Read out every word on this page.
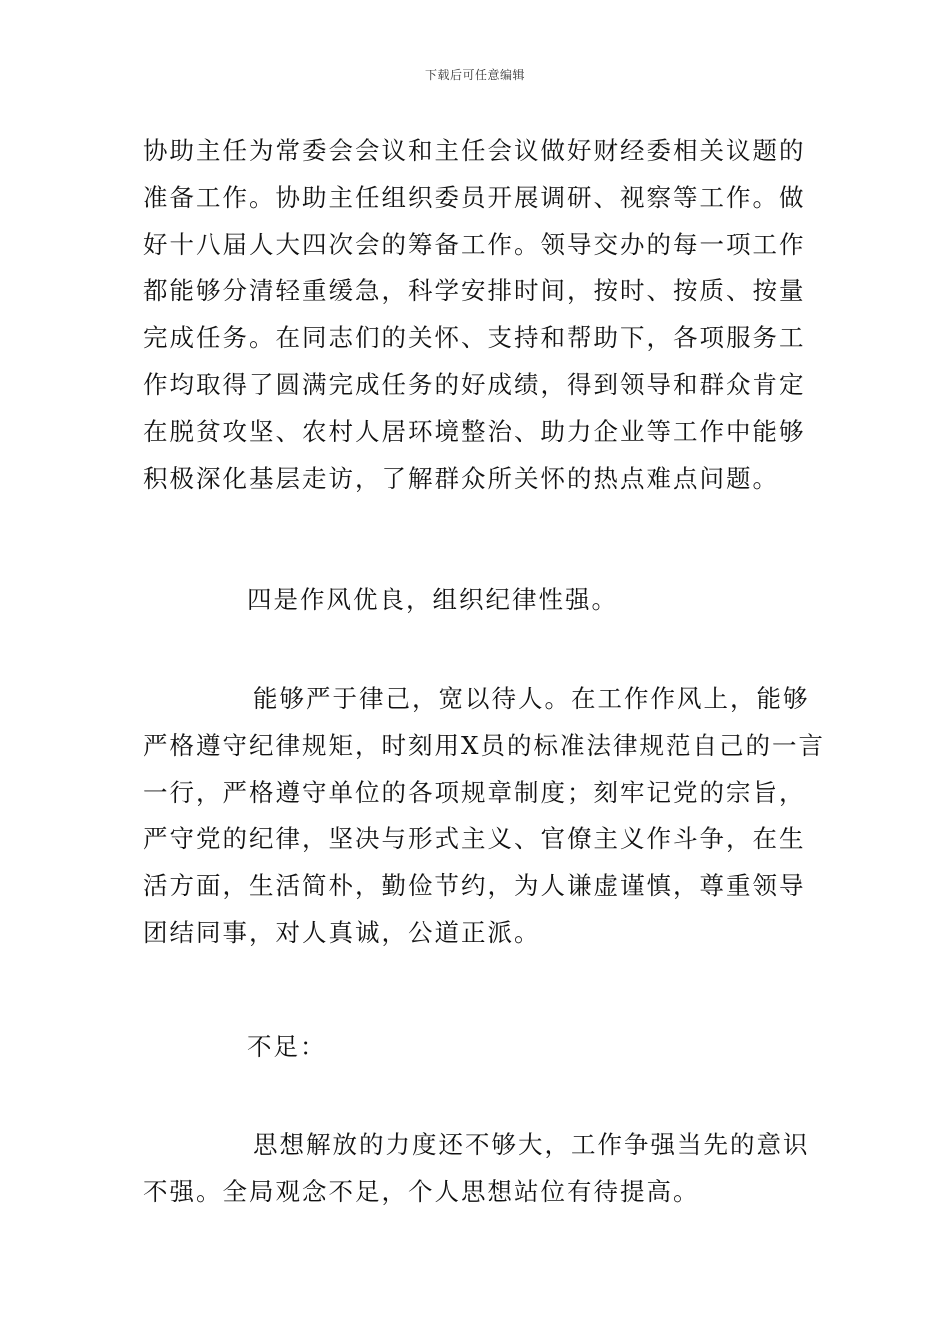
下载后可任意编辑
协助主任为常委会会议和主任会议做好财经委相关议题的
准备工作。协助主任组织委员开展调研、视察等工作。做
好十八届人大四次会的筹备工作。领导交办的每一项工作
都能够分清轻重缓急，科学安排时间，按时、按质、按量
完成任务。在同志们的关怀、支持和帮助下，各项服务工
作均取得了圆满完成任务的好成绩，得到领导和群众肯定
在脱贫攻坚、农村人居环境整治、助力企业等工作中能够
积极深化基层走访，了解群众所关怀的热点难点问题。
四是作风优良，组织纪律性强。
能够严于律己，宽以待人。在工作作风上，能够
严格遵守纪律规矩，时刻用X员的标准法律规范自己的一言
一行，严格遵守单位的各项规章制度；刻牢记党的宗旨，
严守党的纪律，坚决与形式主义、官僚主义作斗争，在生
活方面，生活简朴，勤俭节约，为人谦虚谨慎，尊重领导
团结同事，对人真诚，公道正派。
不足：
思想解放的力度还不够大，工作争强当先的意识
不强。全局观念不足，个人思想站位有待提高。
